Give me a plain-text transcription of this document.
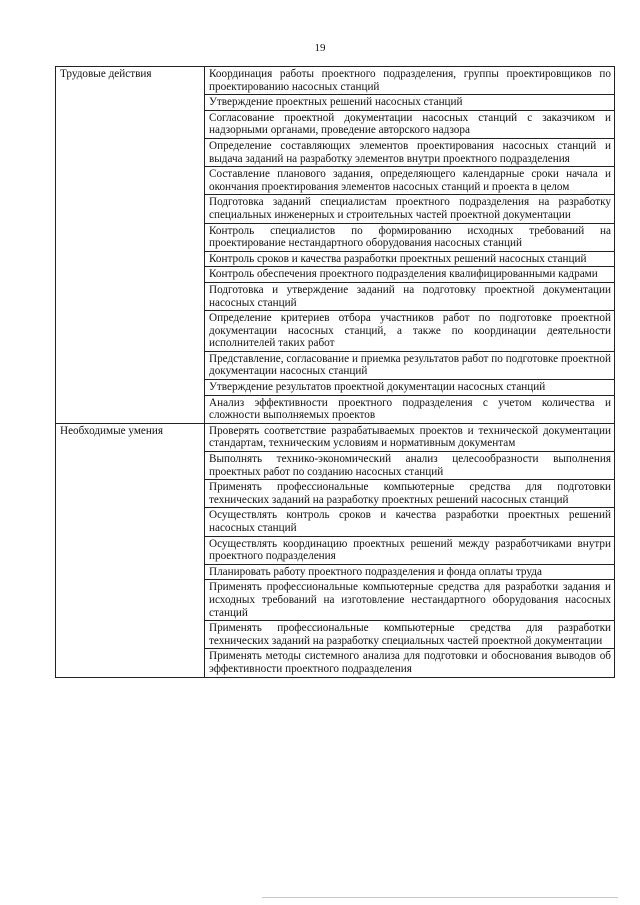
19
Трудовые действия	Координация работы проектного подразделения, группы проектировщиков по проектированию насосных станций
	Утверждение проектных решений насосных станций
	Согласование проектной документации насосных станций с заказчиком и надзорными органами, проведение авторского надзора
	Определение составляющих элементов проектирования насосных станций и выдача заданий на разработку элементов внутри проектного подразделения
	Составление планового задания, определяющего календарные сроки начала и окончания проектирования элементов насосных станций и проекта в целом
	Подготовка заданий специалистам проектного подразделения на разработку специальных инженерных и строительных частей проектной документации
	Контроль специалистов по формированию исходных требований на проектирование нестандартного оборудования насосных станций
	Контроль сроков и качества разработки проектных решений насосных станций
	Контроль обеспечения проектного подразделения квалифицированными кадрами
	Подготовка и утверждение заданий на подготовку проектной документации насосных станций
	Определение критериев отбора участников работ по подготовке проектной документации насосных станций, а также по координации деятельности исполнителей таких работ
	Представление, согласование и приемка результатов работ по подготовке проектной документации насосных станций
	Утверждение результатов проектной документации насосных станций
	Анализ эффективности проектного подразделения с учетом количества и сложности выполняемых проектов
Необходимые умения	Проверять соответствие разрабатываемых проектов и технической документации стандартам, техническим условиям и нормативным документам
	Выполнять технико-экономический анализ целесообразности выполнения проектных работ по созданию насосных станций
	Применять профессиональные компьютерные средства для подготовки технических заданий на разработку проектных решений насосных станций
	Осуществлять контроль сроков и качества разработки проектных решений насосных станций
	Осуществлять координацию проектных решений между разработчиками внутри проектного подразделения
	Планировать работу проектного подразделения и фонда оплаты труда
	Применять профессиональные компьютерные средства для разработки задания и исходных требований на изготовление нестандартного оборудования насосных станций
	Применять профессиональные компьютерные средства для разработки технических заданий на разработку специальных частей проектной документации
	Применять методы системного анализа для подготовки и обоснования выводов об эффективности проектного подразделения
